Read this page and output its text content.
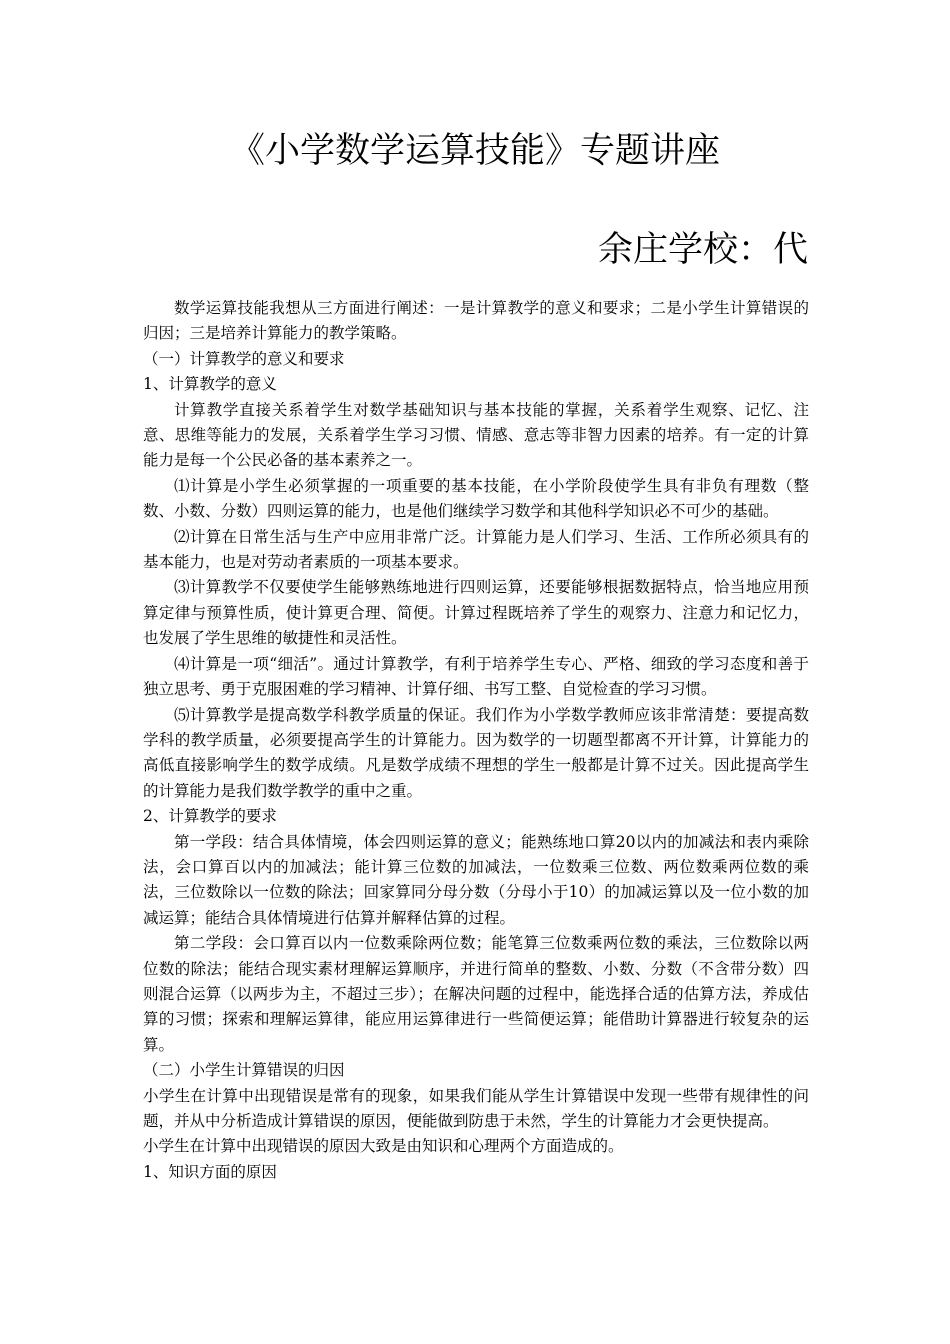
《小学数学运算技能》专题讲座
余庄学校：代

数学运算技能我想从三方面进行阐述：一是计算教学的意义和要求；二是小学生计算错误的归因；三是培养计算能力的教学策略。

（一）计算教学的意义和要求

1、计算教学的意义

计算教学直接关系着学生对数学基础知识与基本技能的掌握，关系着学生观察、记忆、注意、思维等能力的发展，关系着学生学习习惯、情感、意志等非智力因素的培养。有一定的计算能力是每一个公民必备的基本素养之一。

⑴计算是小学生必须掌握的一项重要的基本技能，在小学阶段使学生具有非负有理数（整数、小数、分数）四则运算的能力，也是他们继续学习数学和其他科学知识必不可少的基础。

⑵计算在日常生活与生产中应用非常广泛。计算能力是人们学习、生活、工作所必须具有的基本能力，也是对劳动者素质的一项基本要求。

⑶计算教学不仅要使学生能够熟练地进行四则运算，还要能够根据数据特点，恰当地应用预算定律与预算性质，使计算更合理、简便。计算过程既培养了学生的观察力、注意力和记忆力，也发展了学生思维的敏捷性和灵活性。

⑷计算是一项“细活”。通过计算教学，有利于培养学生专心、严格、细致的学习态度和善于独立思考、勇于克服困难的学习精神、计算仔细、书写工整、自觉检查的学习习惯。

⑸计算教学是提高数学科教学质量的保证。我们作为小学数学教师应该非常清楚：要提高数学科的教学质量，必须要提高学生的计算能力。因为数学的一切题型都离不开计算，计算能力的高低直接影响学生的数学成绩。凡是数学成绩不理想的学生一般都是计算不过关。因此提高学生的计算能力是我们数学教学的重中之重。

2、计算教学的要求

第一学段：结合具体情境，体会四则运算的意义；能熟练地口算20以内的加减法和表内乘除法，会口算百以内的加减法；能计算三位数的加减法，一位数乘三位数、两位数乘两位数的乘法，三位数除以一位数的除法；回家算同分母分数（分母小于10）的加减运算以及一位小数的加减运算；能结合具体情境进行估算并解释估算的过程。

第二学段：会口算百以内一位数乘除两位数；能笔算三位数乘两位数的乘法，三位数除以两位数的除法；能结合现实素材理解运算顺序，并进行简单的整数、小数、分数（不含带分数）四则混合运算（以两步为主，不超过三步）；在解决问题的过程中，能选择合适的估算方法，养成估算的习惯；探索和理解运算律，能应用运算律进行一些简便运算；能借助计算器进行较复杂的运算。

（二）小学生计算错误的归因

小学生在计算中出现错误是常有的现象，如果我们能从学生计算错误中发现一些带有规律性的问题，并从中分析造成计算错误的原因，便能做到防患于未然，学生的计算能力才会更快提高。

小学生在计算中出现错误的原因大致是由知识和心理两个方面造成的。

1、知识方面的原因
